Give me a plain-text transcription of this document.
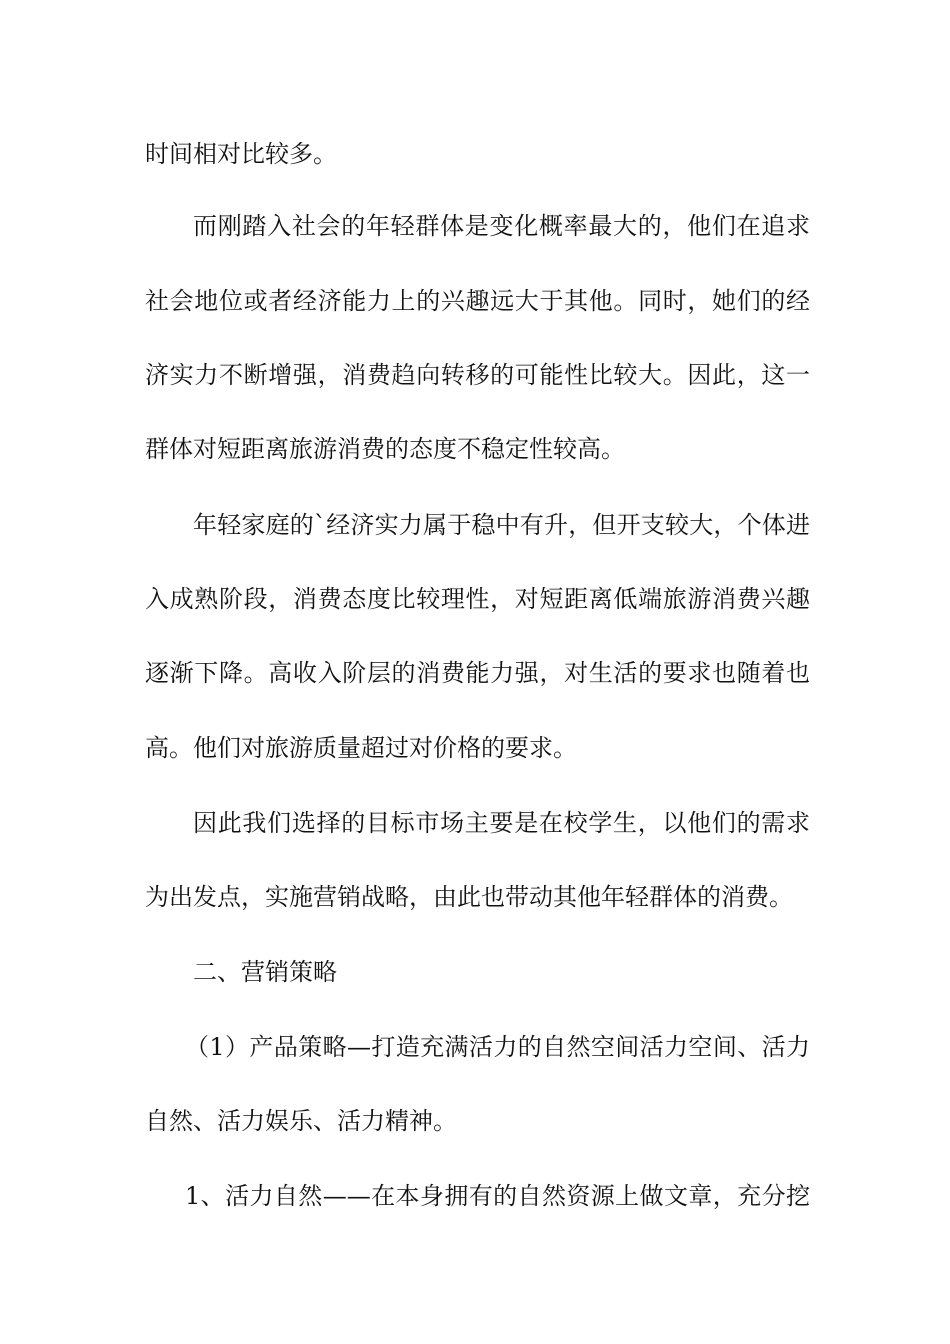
时间相对比较多。
而刚踏入社会的年轻群体是变化概率最大的，他们在追求
社会地位或者经济能力上的兴趣远大于其他。同时，她们的经
济实力不断增强，消费趋向转移的可能性比较大。因此，这一
群体对短距离旅游消费的态度不稳定性较高。
年轻家庭的`经济实力属于稳中有升，但开支较大，个体进
入成熟阶段，消费态度比较理性，对短距离低端旅游消费兴趣
逐渐下降。高收入阶层的消费能力强，对生活的要求也随着也
高。他们对旅游质量超过对价格的要求。
因此我们选择的目标市场主要是在校学生，以他们的需求
为出发点，实施营销战略，由此也带动其他年轻群体的消费。
二、营销策略
（1）产品策略—打造充满活力的自然空间活力空间、活力
自然、活力娱乐、活力精神。
1、活力自然——在本身拥有的自然资源上做文章，充分挖
